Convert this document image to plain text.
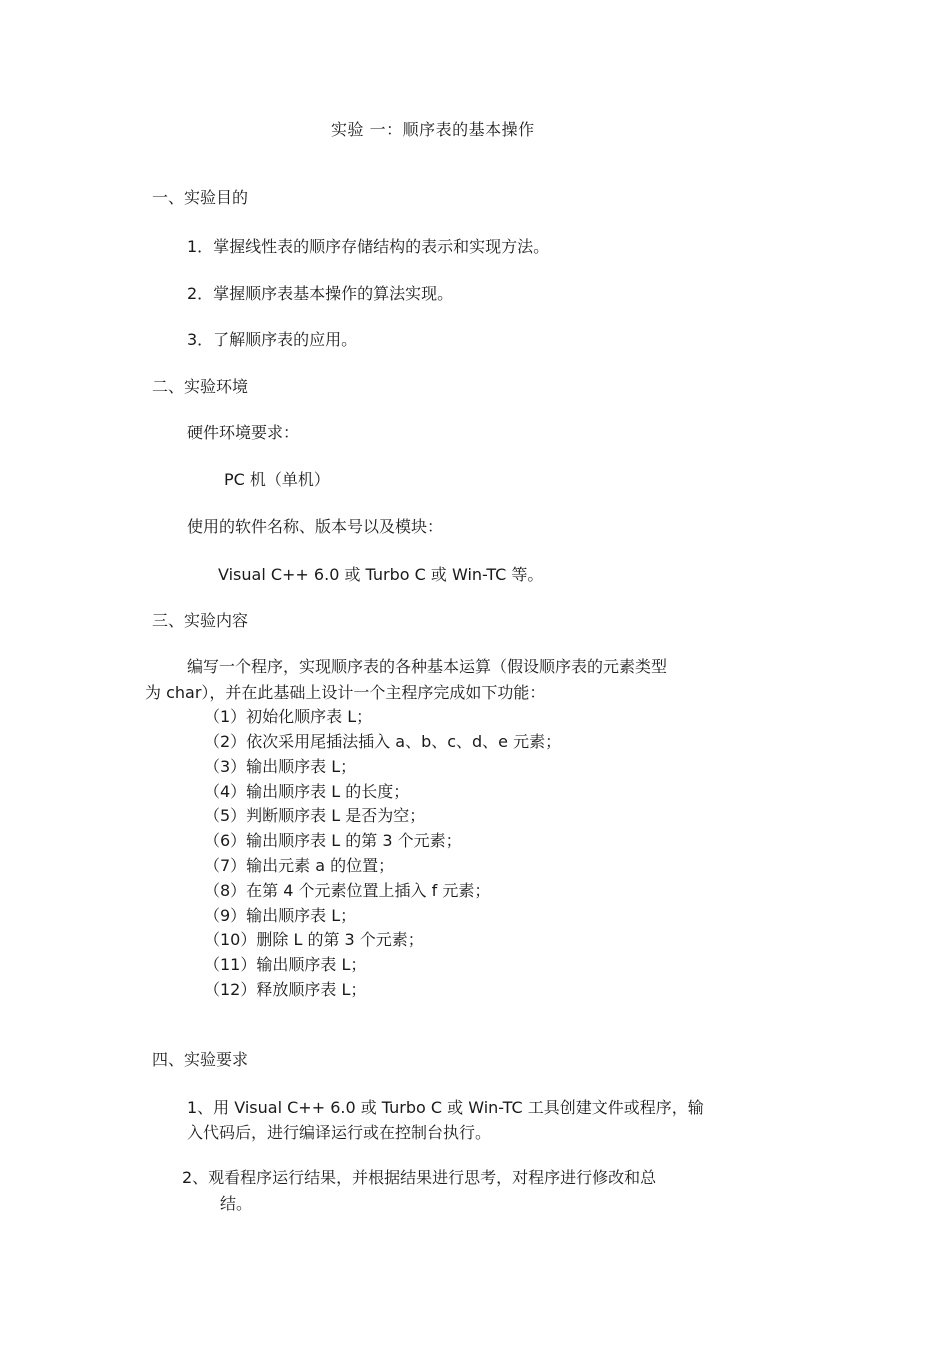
实验 一：顺序表的基本操作
一、实验目的
1．掌握线性表的顺序存储结构的表示和实现方法。
2．掌握顺序表基本操作的算法实现。
3．了解顺序表的应用。
二、实验环境
硬件环境要求：
PC 机（单机）
使用的软件名称、版本号以及模块：
Visual C++ 6.0 或 Turbo C 或 Win-TC 等。
三、实验内容
编写一个程序，实现顺序表的各种基本运算（假设顺序表的元素类型
为 char），并在此基础上设计一个主程序完成如下功能：
（1）初始化顺序表 L；
（2）依次采用尾插法插入 a、b、c、d、e 元素；
（3）输出顺序表 L；
（4）输出顺序表 L 的长度；
（5）判断顺序表 L 是否为空；
（6）输出顺序表 L 的第 3 个元素；
（7）输出元素 a 的位置；
（8）在第 4 个元素位置上插入 f 元素；
（9）输出顺序表 L；
（10）删除 L 的第 3 个元素；
（11）输出顺序表 L；
（12）释放顺序表 L；
四、实验要求
1、用 Visual C++ 6.0 或 Turbo C 或 Win-TC 工具创建文件或程序，输
入代码后，进行编译运行或在控制台执行。
2、观看程序运行结果，并根据结果进行思考，对程序进行修改和总
结。
